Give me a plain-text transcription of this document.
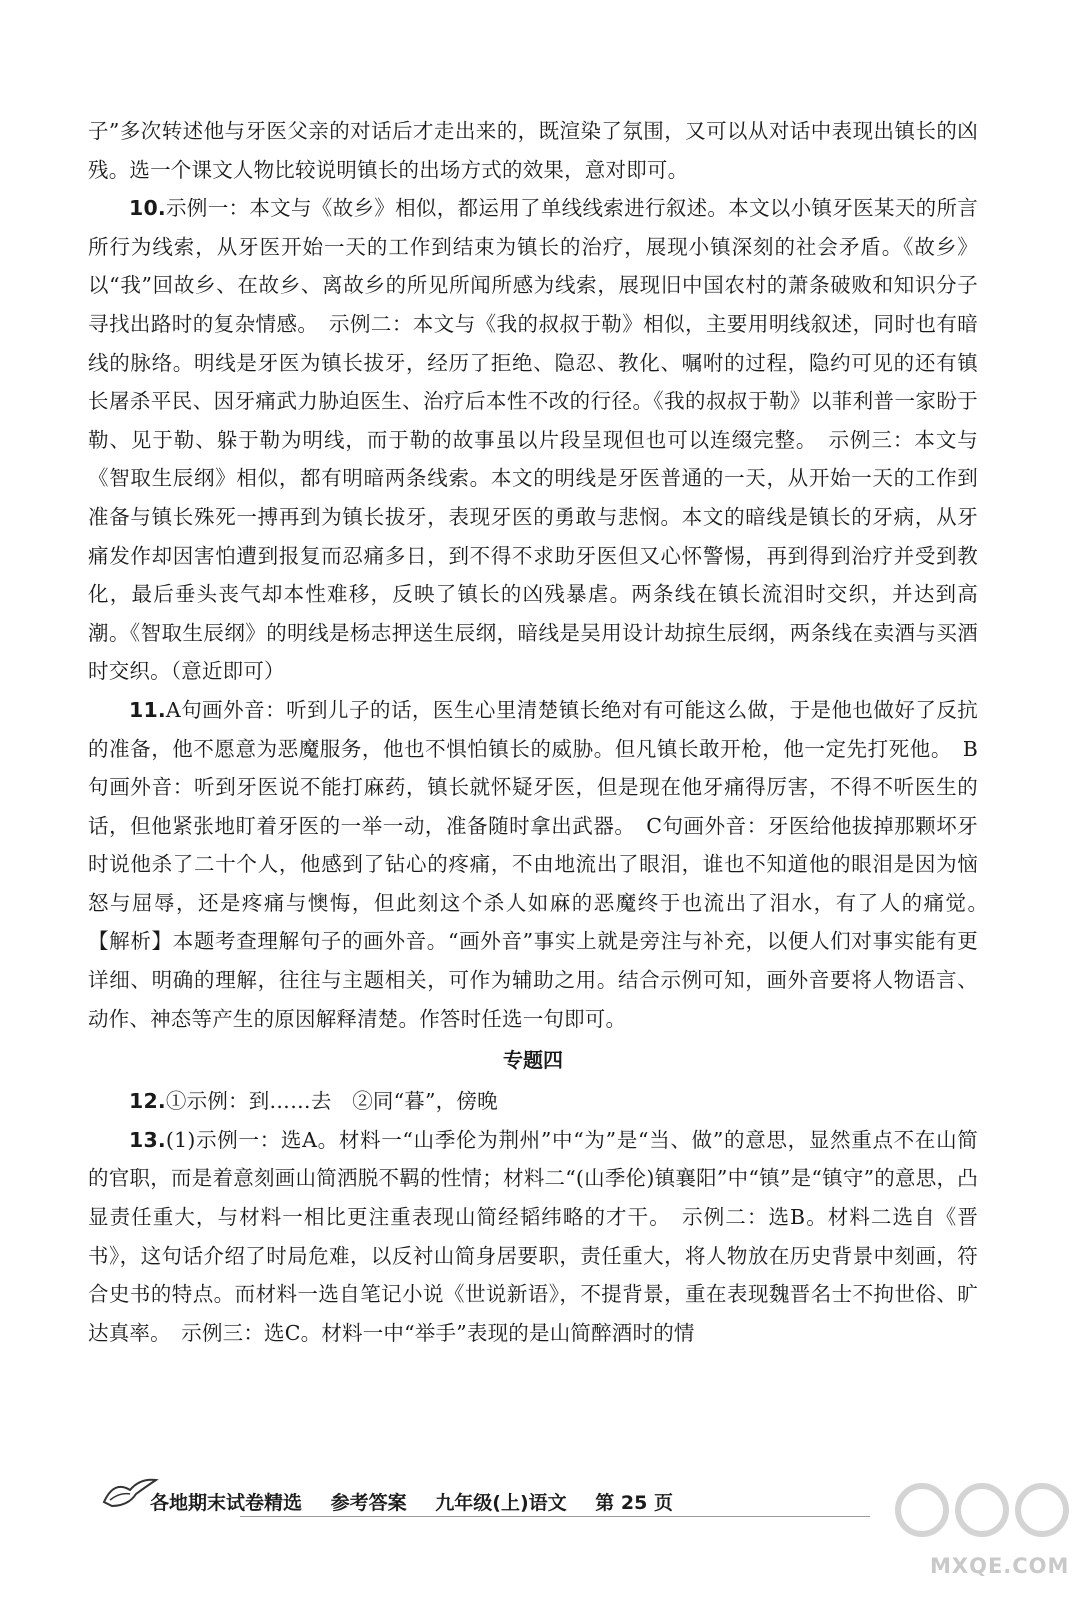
子”多次转述他与牙医父亲的对话后才走出来的，既渲染了氛围，又可以从对话中表现出镇长的凶残。选一个课文人物比较说明镇长的出场方式的效果，意对即可。

10.示例一：本文与《故乡》相似，都运用了单线线索进行叙述。本文以小镇牙医某天的所言所行为线索，从牙医开始一天的工作到结束为镇长的治疗，展现小镇深刻的社会矛盾。《故乡》以“我”回故乡、在故乡、离故乡的所见所闻所感为线索，展现旧中国农村的萧条破败和知识分子寻找出路时的复杂情感。　示例二：本文与《我的叔叔于勒》相似，主要用明线叙述，同时也有暗线的脉络。明线是牙医为镇长拔牙，经历了拒绝、隐忍、教化、嘱咐的过程，隐约可见的还有镇长屠杀平民、因牙痛武力胁迫医生、治疗后本性不改的行径。《我的叔叔于勒》以菲利普一家盼于勒、见于勒、躲于勒为明线，而于勒的故事虽以片段呈现但也可以连缀完整。　示例三：本文与《智取生辰纲》相似，都有明暗两条线索。本文的明线是牙医普通的一天，从开始一天的工作到准备与镇长殊死一搏再到为镇长拔牙，表现牙医的勇敢与悲悯。本文的暗线是镇长的牙病，从牙痛发作却因害怕遭到报复而忍痛多日，到不得不求助牙医但又心怀警惕，再到得到治疗并受到教化，最后垂头丧气却本性难移，反映了镇长的凶残暴虐。两条线在镇长流泪时交织，并达到高潮。《智取生辰纲》的明线是杨志押送生辰纲，暗线是吴用设计劫掠生辰纲，两条线在卖酒与买酒时交织。（意近即可）

11.A句画外音：听到儿子的话，医生心里清楚镇长绝对有可能这么做，于是他也做好了反抗的准备，他不愿意为恶魔服务，他也不惧怕镇长的威胁。但凡镇长敢开枪，他一定先打死他。　B句画外音：听到牙医说不能打麻药，镇长就怀疑牙医，但是现在他牙痛得厉害，不得不听医生的话，但他紧张地盯着牙医的一举一动，准备随时拿出武器。　C句画外音：牙医给他拔掉那颗坏牙时说他杀了二十个人，他感到了钻心的疼痛，不由地流出了眼泪，谁也不知道他的眼泪是因为恼怒与屈辱，还是疼痛与懊悔，但此刻这个杀人如麻的恶魔终于也流出了泪水，有了人的痛觉。　【解析】本题考查理解句子的画外音。“画外音”事实上就是旁注与补充，以便人们对事实能有更详细、明确的理解，往往与主题相关，可作为辅助之用。结合示例可知，画外音要将人物语言、动作、神态等产生的原因解释清楚。作答时任选一句即可。

专题四

12.①示例：到……去　②同“暮”，傍晚

13.(1)示例一：选A。材料一“山季伦为荆州”中“为”是“当、做”的意思，显然重点不在山简的官职，而是着意刻画山简洒脱不羁的性情；材料二“(山季伦)镇襄阳”中“镇”是“镇守”的意思，凸显责任重大，与材料一相比更注重表现山简经韬纬略的才干。　示例二：选B。材料二选自《晋书》，这句话介绍了时局危难，以反衬山简身居要职，责任重大，将人物放在历史背景中刻画，符合史书的特点。而材料一选自笔记小说《世说新语》，不提背景，重在表现魏晋名士不拘世俗、旷达真率。　示例三：选C。材料一中“举手”表现的是山简醉酒时的情

各地期末试卷精选 参考答案 九年级(上)语文 第 25 页
MXQE.COM
